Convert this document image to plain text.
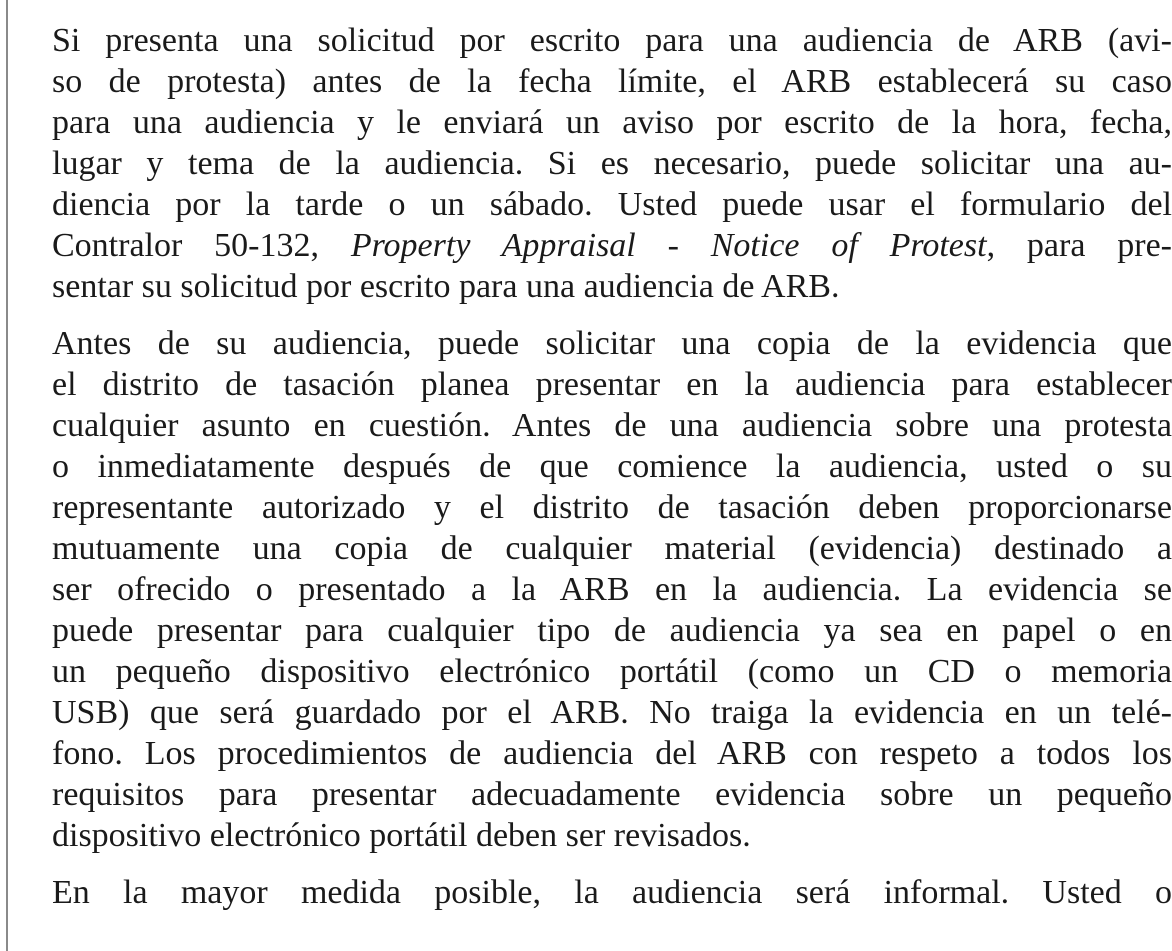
Si presenta una solicitud por escrito para una audiencia de ARB (avi-
so de protesta) antes de la fecha límite, el ARB establecerá su caso
para una audiencia y le enviará un aviso por escrito de la hora, fecha,
lugar y tema de la audiencia. Si es necesario, puede solicitar una au-
diencia por la tarde o un sábado. Usted puede usar el formulario del
Contralor 50-132, Property Appraisal - Notice of Protest, para pre-
sentar su solicitud por escrito para una audiencia de ARB.
Antes de su audiencia, puede solicitar una copia de la evidencia que
el distrito de tasación planea presentar en la audiencia para establecer
cualquier asunto en cuestión. Antes de una audiencia sobre una protesta
o inmediatamente después de que comience la audiencia, usted o su
representante autorizado y el distrito de tasación deben proporcionarse
mutuamente una copia de cualquier material (evidencia) destinado a
ser ofrecido o presentado a la ARB en la audiencia. La evidencia se
puede presentar para cualquier tipo de audiencia ya sea en papel o en
un pequeño dispositivo electrónico portátil (como un CD o memoria
USB) que será guardado por el ARB. No traiga la evidencia en un telé-
fono. Los procedimientos de audiencia del ARB con respeto a todos los
requisitos para presentar adecuadamente evidencia sobre un pequeño
dispositivo electrónico portátil deben ser revisados.
En la mayor medida posible, la audiencia será informal. Usted o
